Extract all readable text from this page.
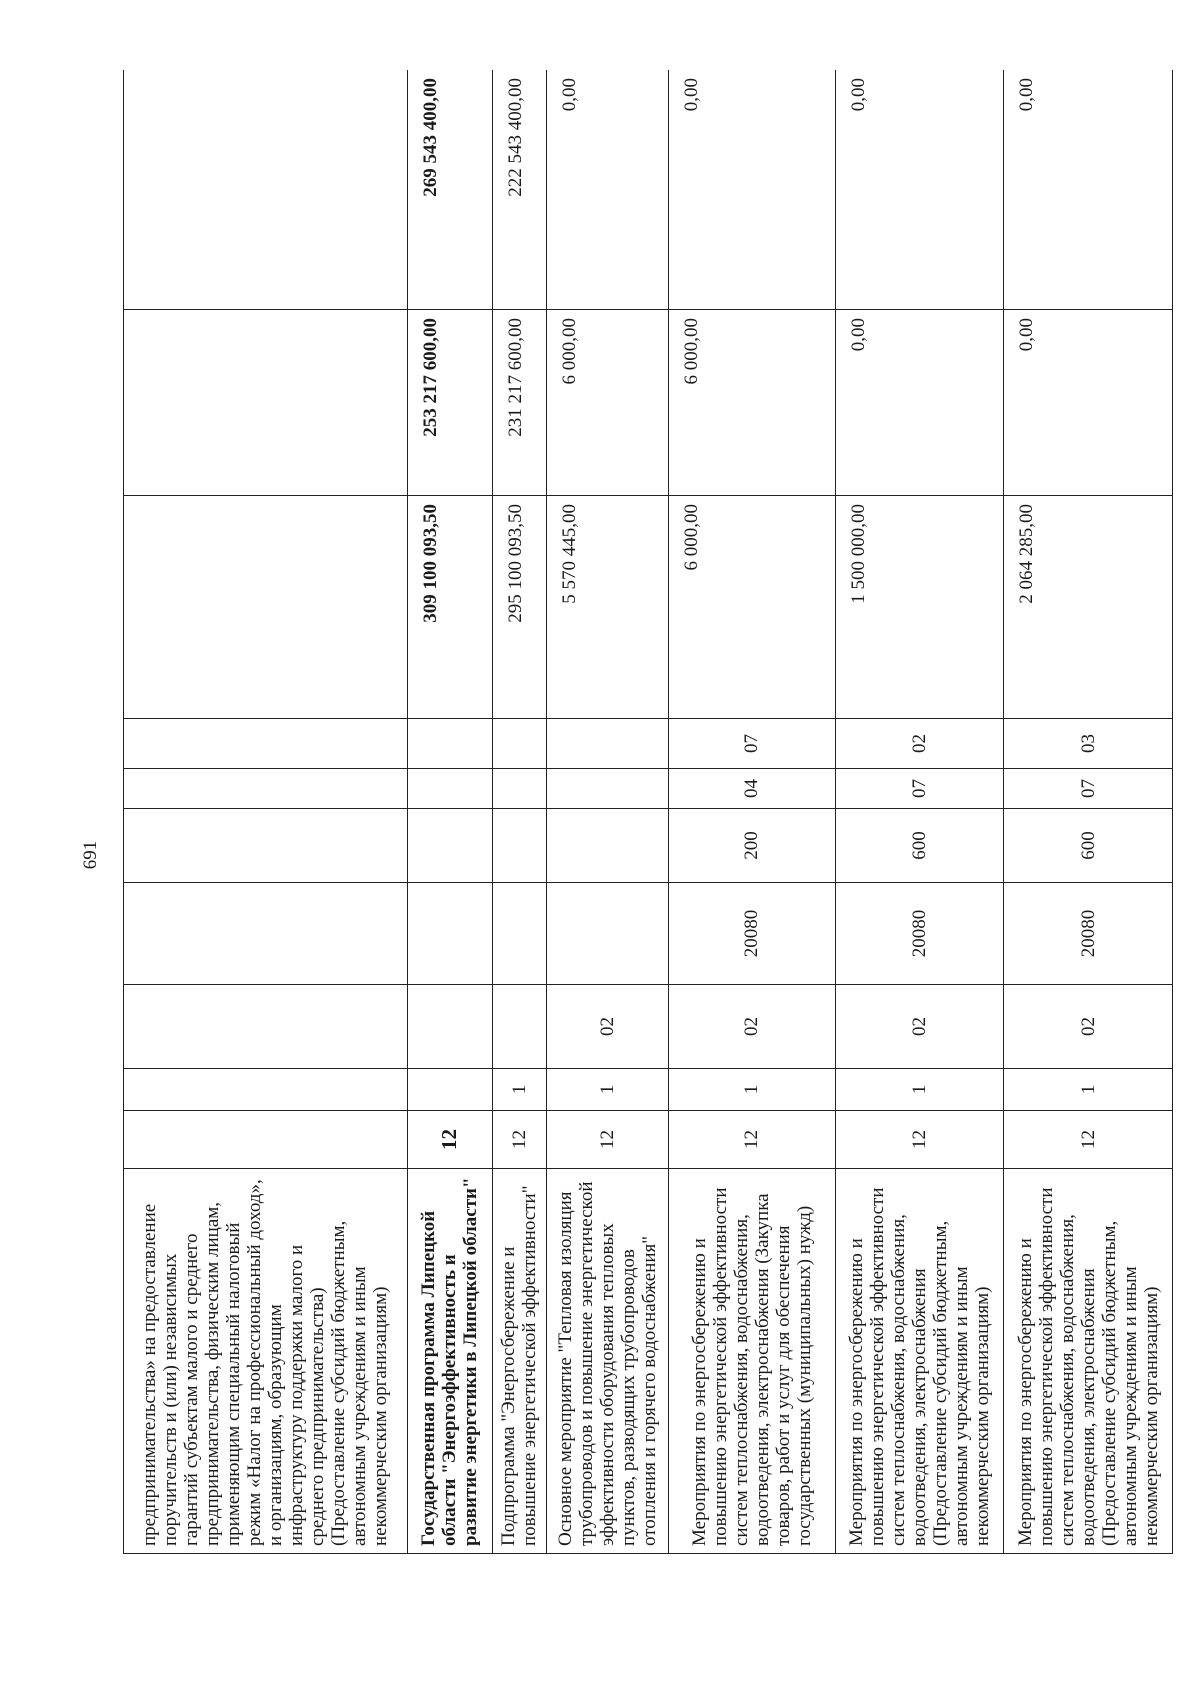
691
предпринимательства» на предоставление поручительств и (или) независимых гарантий субъектам малого и среднего предпринимательства, физическим лицам, применяющим специальный налоговый режим «Налог на профессиональный доход», и организациям, образующим инфраструктуру поддержки малого и среднего предпринимательства) (Предоставление субсидий бюджетным, автономным учреждениям и иным некоммерческим организациям)										
Государственная программа Липецкой области "Энергоэффективность и развитие энергетики в Липецкой области"	12							309 100 093,50	253 217 600,00	269 543 400,00
Подпрограмма "Энергосбережение и повышение энергетической эффективности"	12	1						295 100 093,50	231 217 600,00	222 543 400,00
Основное мероприятие "Тепловая изоляция трубопроводов и повышение энергетической эффективности оборудования тепловых пунктов, разводящих трубопроводов отопления и горячего водоснабжения"	12	1	02					5 570 445,00	6 000,00	0,00
Мероприятия по энергосбережению и повышению энергетической эффективности систем теплоснабжения, водоснабжения, водоотведения, электроснабжения (Закупка товаров, работ и услуг для обеспечения государственных (муниципальных) нужд)	12	1	02	20080	200	04	07	6 000,00	6 000,00	0,00
Мероприятия по энергосбережению и повышению энергетической эффективности систем теплоснабжения, водоснабжения, водоотведения, электроснабжения (Предоставление субсидий бюджетным, автономным учреждениям и иным некоммерческим организациям)	12	1	02	20080	600	07	02	1 500 000,00	0,00	0,00
Мероприятия по энергосбережению и повышению энергетической эффективности систем теплоснабжения, водоснабжения, водоотведения, электроснабжения (Предоставление субсидий бюджетным, автономным учреждениям и иным некоммерческим организациям)	12	1	02	20080	600	07	03	2 064 285,00	0,00	0,00
